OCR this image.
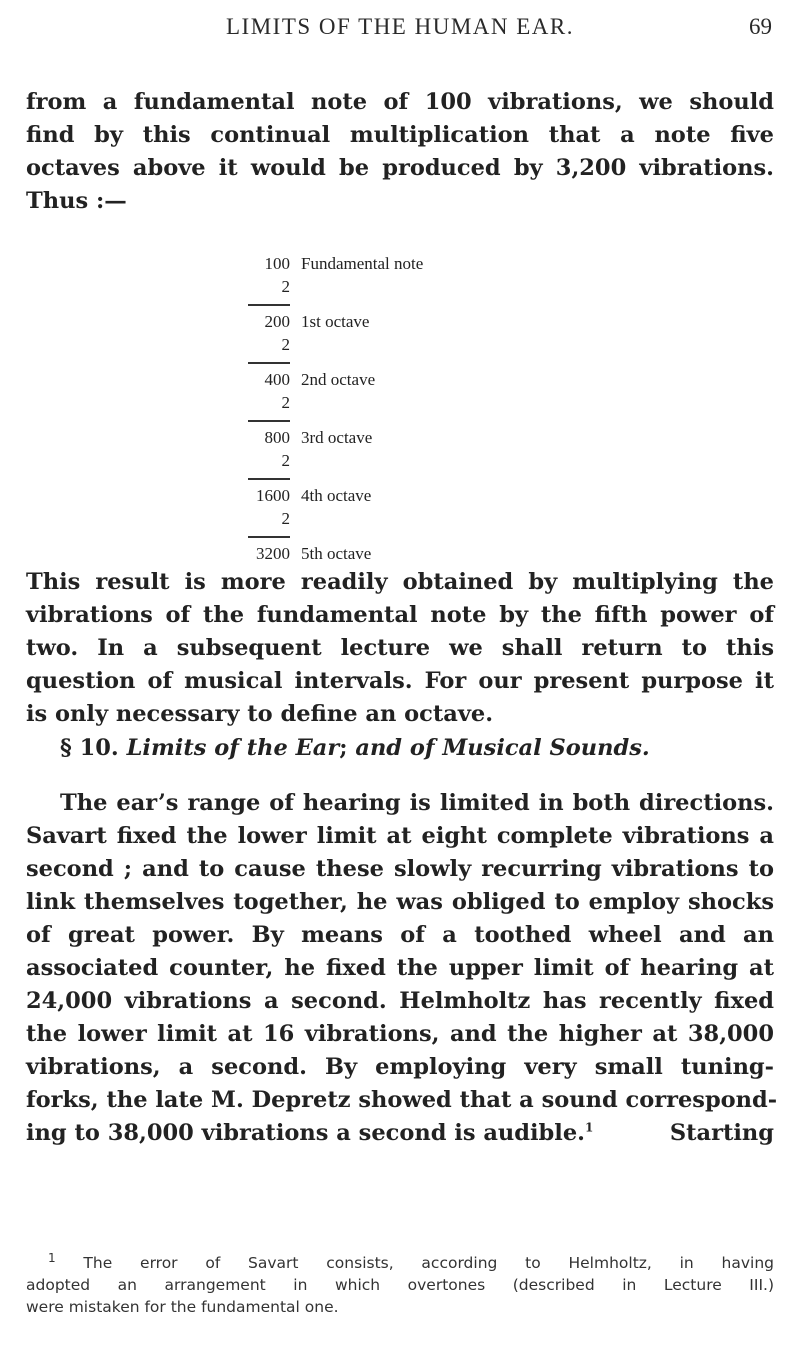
LIMITS OF THE HUMAN EAR.	69
from a fundamental note of 100 vibrations, we should
find by this continual multiplication that a note five
octaves above it would be produced by 3,200 vibrations.
Thus :—
100 Fundamental note
2
200 1st octave
2
400 2nd octave
2
800 3rd octave
2
1600 4th octave
2
3200 5th octave
This result is more readily obtained by multiplying the
vibrations of the fundamental note by the fifth power of
two. In a subsequent lecture we shall return to this
question of musical intervals. For our present purpose it
is only necessary to define an octave.
§ 10. Limits of the Ear; and of Musical Sounds.
The ear’s range of hearing is limited in both directions.
Savart fixed the lower limit at eight complete vibrations a
second ; and to cause these slowly recurring vibrations to
link themselves together, he was obliged to employ shocks
of great power. By means of a toothed wheel and an
associated counter, he fixed the upper limit of hearing at
24,000 vibrations a second. Helmholtz has recently fixed
the lower limit at 16 vibrations, and the higher at 38,000
vibrations, a second. By employing very small tuning-
forks, the late M. Depretz showed that a sound correspond-
ing to 38,000 vibrations a second is audible.$^1$	Starting
$^1$ The error of Savart consists, according to Helmholtz, in having
adopted an arrangement in which overtones (described in Lecture III.)
were mistaken for the fundamental one.
